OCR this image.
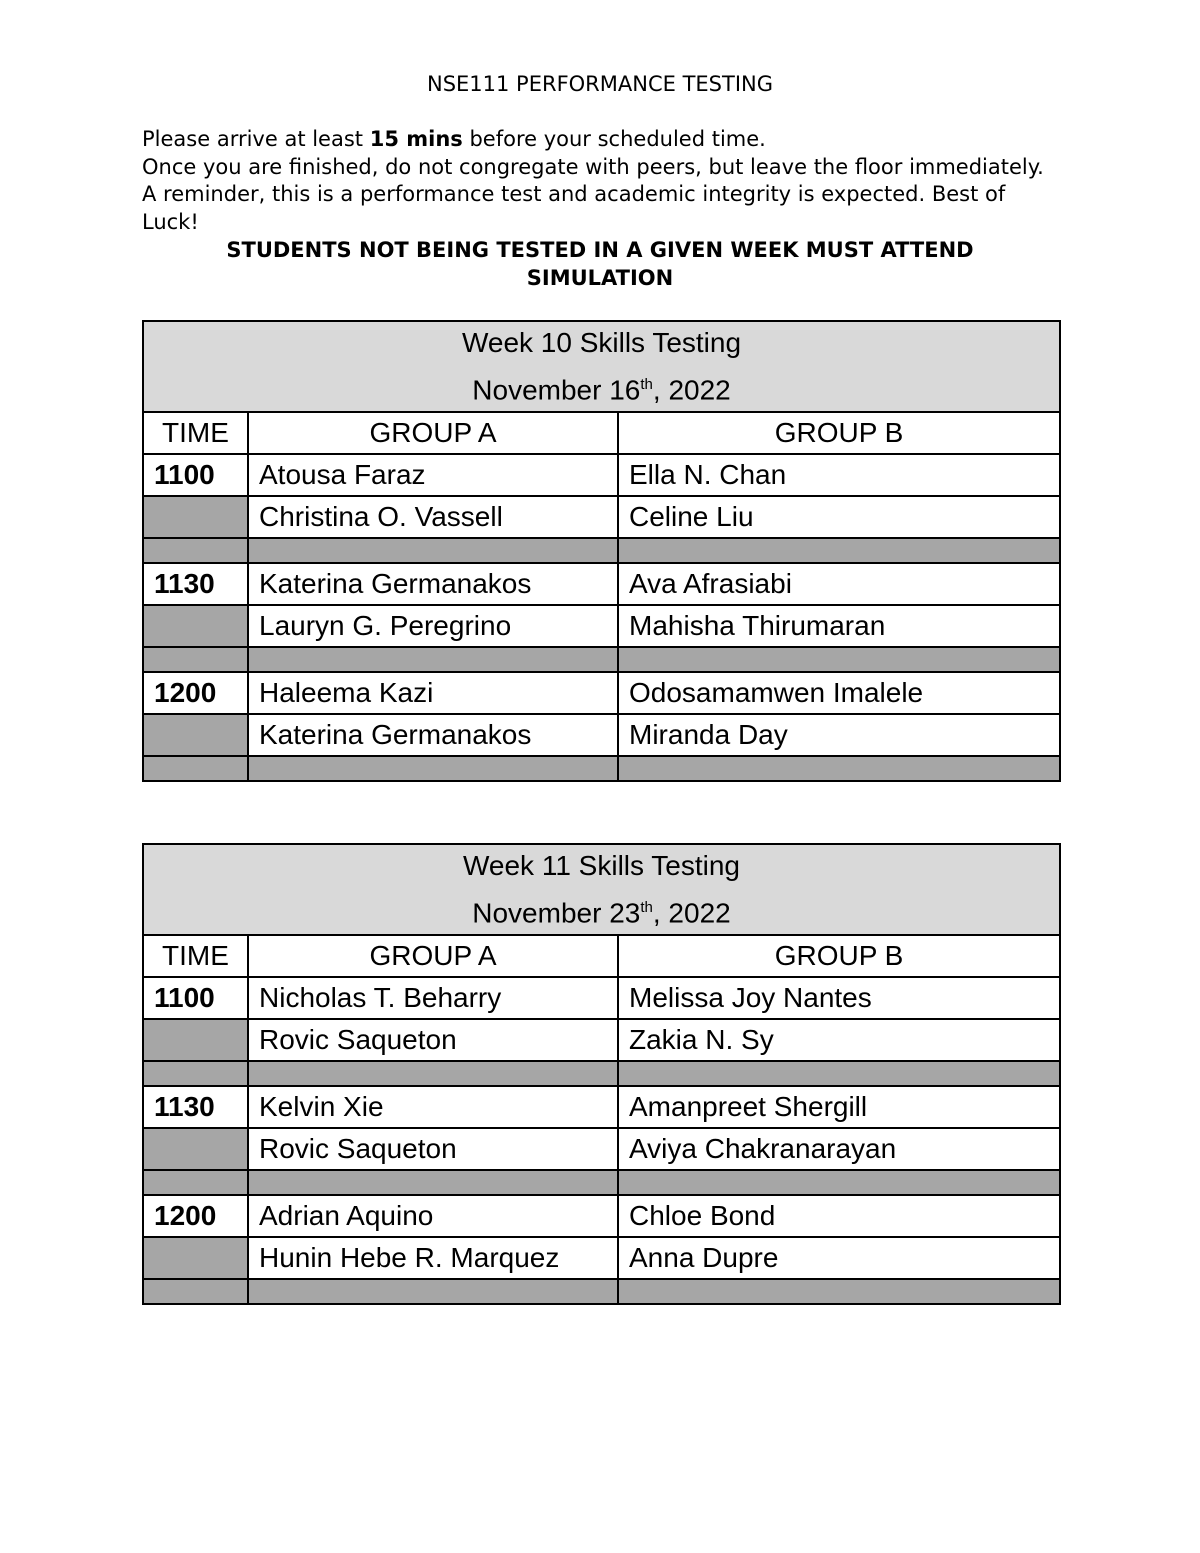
NSE111 PERFORMANCE TESTING

Please arrive at least 15 mins before your scheduled time.

Once you are finished, do not congregate with peers, but leave the floor immediately. A reminder, this is a performance test and academic integrity is expected. Best of Luck!

STUDENTS NOT BEING TESTED IN A GIVEN WEEK MUST ATTEND SIMULATION
Week 10 Skills Testing
November 16th, 2022		

TIME	GROUP A	GROUP B
1100	Atousa Faraz	Ella N. Chan
	Christina O. Vassell	Celine Liu

1130	Katerina Germanakos	Ava Afrasiabi
	Lauryn G. Peregrino	Mahisha Thirumaran

1200	Haleema Kazi	Odosamamwen Imalele
	Katerina Germanakos	Miranda Day

Week 11 Skills Testing
November 23th, 2022		

TIME	GROUP A	GROUP B
1100	Nicholas T. Beharry	Melissa Joy Nantes
	Rovic Saqueton	Zakia N. Sy

1130	Kelvin Xie	Amanpreet Shergill
	Rovic Saqueton	Aviya Chakranarayan

1200	Adrian Aquino	Chloe Bond
	Hunin Hebe R. Marquez	Anna Dupre
